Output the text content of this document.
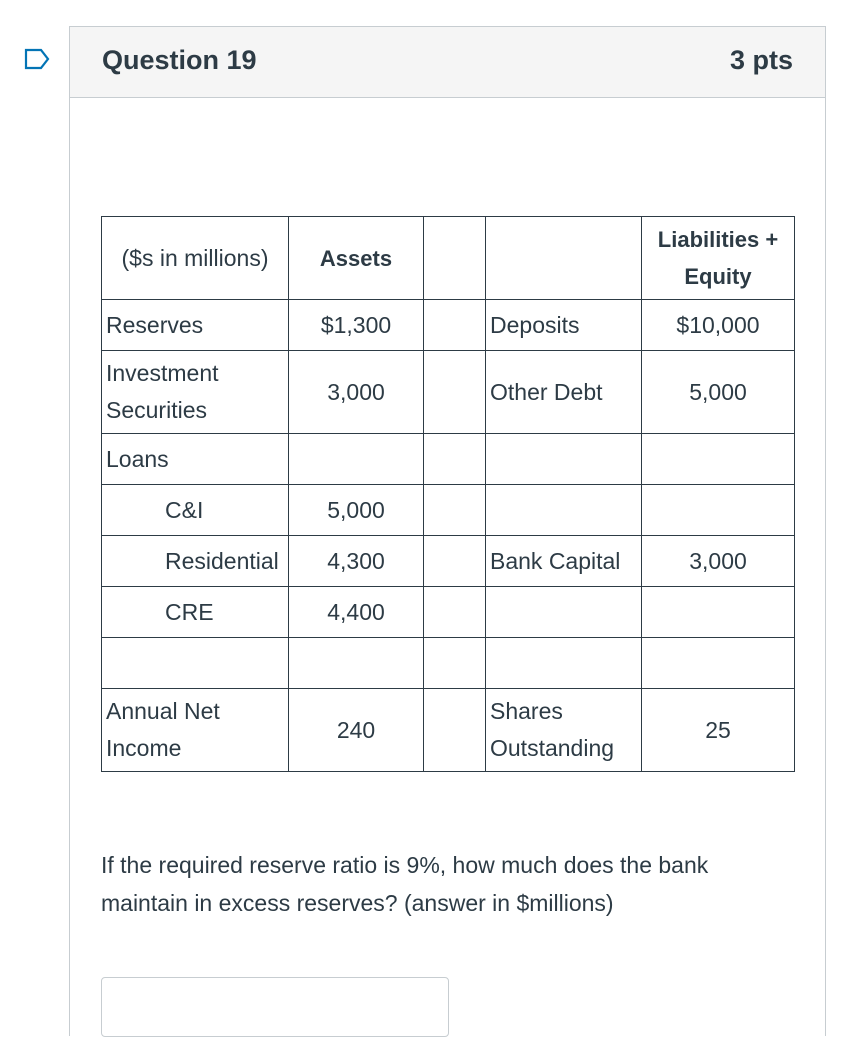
Question 19	3 pts
($s in millions)	Assets			Liabilities + Equity
Reserves	$1,300		Deposits	$10,000
Investment Securities	3,000		Other Debt	5,000
Loans				
C&I	5,000			
Residential	4,300		Bank Capital	3,000
CRE	4,400			

Annual Net Income	240		Shares Outstanding	25
If the required reserve ratio is 9%, how much does the bank maintain in excess reserves? (answer in $millions)
